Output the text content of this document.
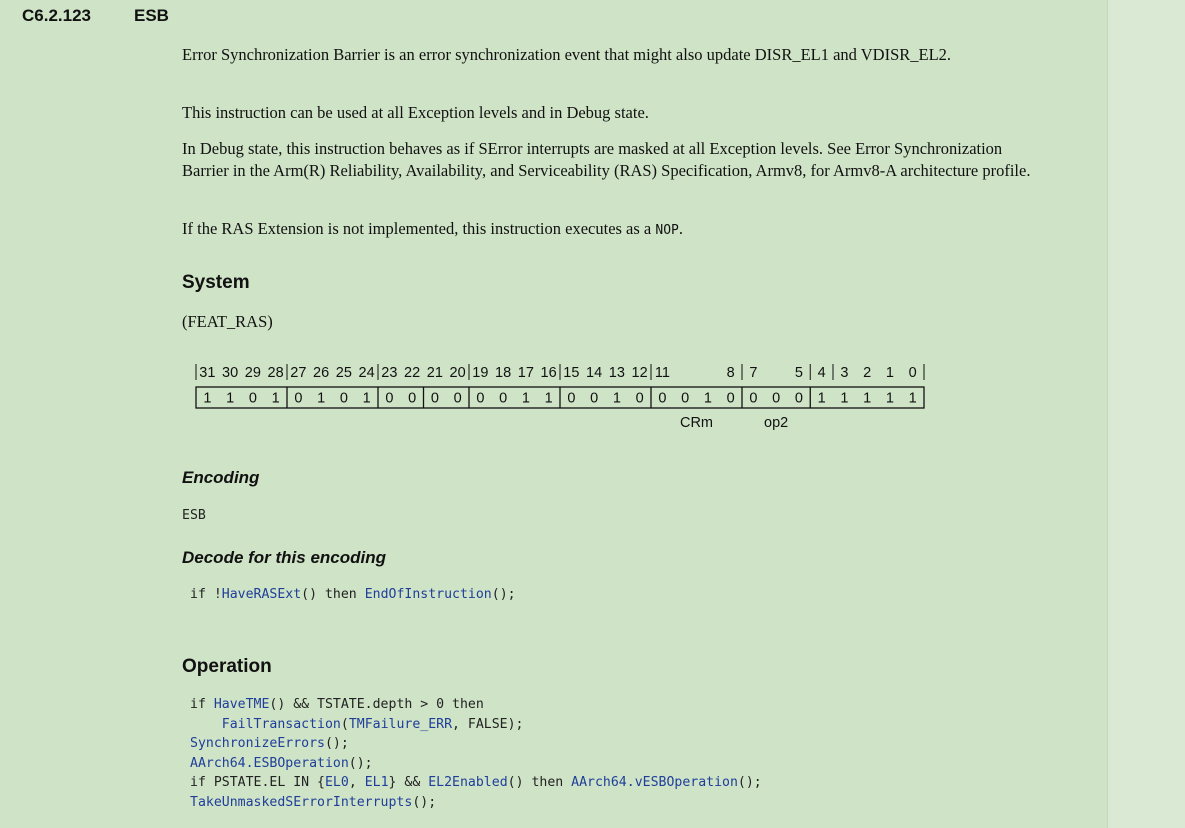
C6.2.123	ESB
Error Synchronization Barrier is an error synchronization event that might also update DISR_EL1 and VDISR_EL2.
This instruction can be used at all Exception levels and in Debug state.
In Debug state, this instruction behaves as if SError interrupts are masked at all Exception levels. See Error Synchronization Barrier in the Arm(R) Reliability, Availability, and Serviceability (RAS) Specification, Armv8, for Armv8-A architecture profile.
If the RAS Extension is not implemented, this instruction executes as a NOP.
System
(FEAT_RAS)
31 30 29 28 27 26 25 24 23 22 21 20 19 18 17 16 15 14 13 12 11	8 7	5 4 3 2 1 0
1 1 0 1 0 1 0 1 0 0 0 0 0 0 1 1 0 0 1 0 0 0 1 0 0 0 0 1 1 1 1 1
CRm	op2
Encoding
ESB
Decode for this encoding
if !HaveRASExt() then EndOfInstruction();
Operation
if HaveTME() && TSTATE.depth > 0 then
FailTransaction(TMFailure_ERR, FALSE);
SynchronizeErrors();
AArch64.ESBOperation();
if PSTATE.EL IN {EL0, EL1} && EL2Enabled() then AArch64.vESBOperation();
TakeUnmaskedSErrorInterrupts();
